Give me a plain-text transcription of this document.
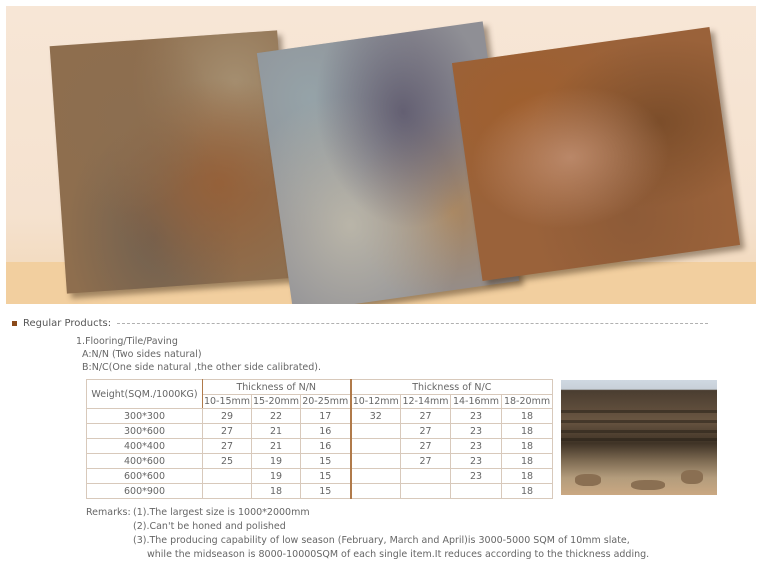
Regular Products:
1.Flooring/Tile/Paving
A:N/N (Two sides natural)
B:N/C(One side natural ,the other side calibrated).
Weight(SQM./1000KG)	Thickness of N/N			Thickness of N/C			
	10-15mm	15-20mm	20-25mm	10-12mm	12-14mm	14-16mm	18-20mm
300*300	29	22	17	32	27	23	18
300*600	27	21	16		27	23	18
400*400	27	21	16		27	23	18
400*600	25	19	15		27	23	18
600*600		19	15			23	18
600*900		18	15				18
Remarks: (1).The largest size is 1000*2000mm
(2).Can't be honed and polished
(3).The producing capability of low season (February, March and April)is 3000-5000 SQM of 10mm slate,
while the midseason is 8000-10000SQM of each single item.It reduces according to the thickness adding.
